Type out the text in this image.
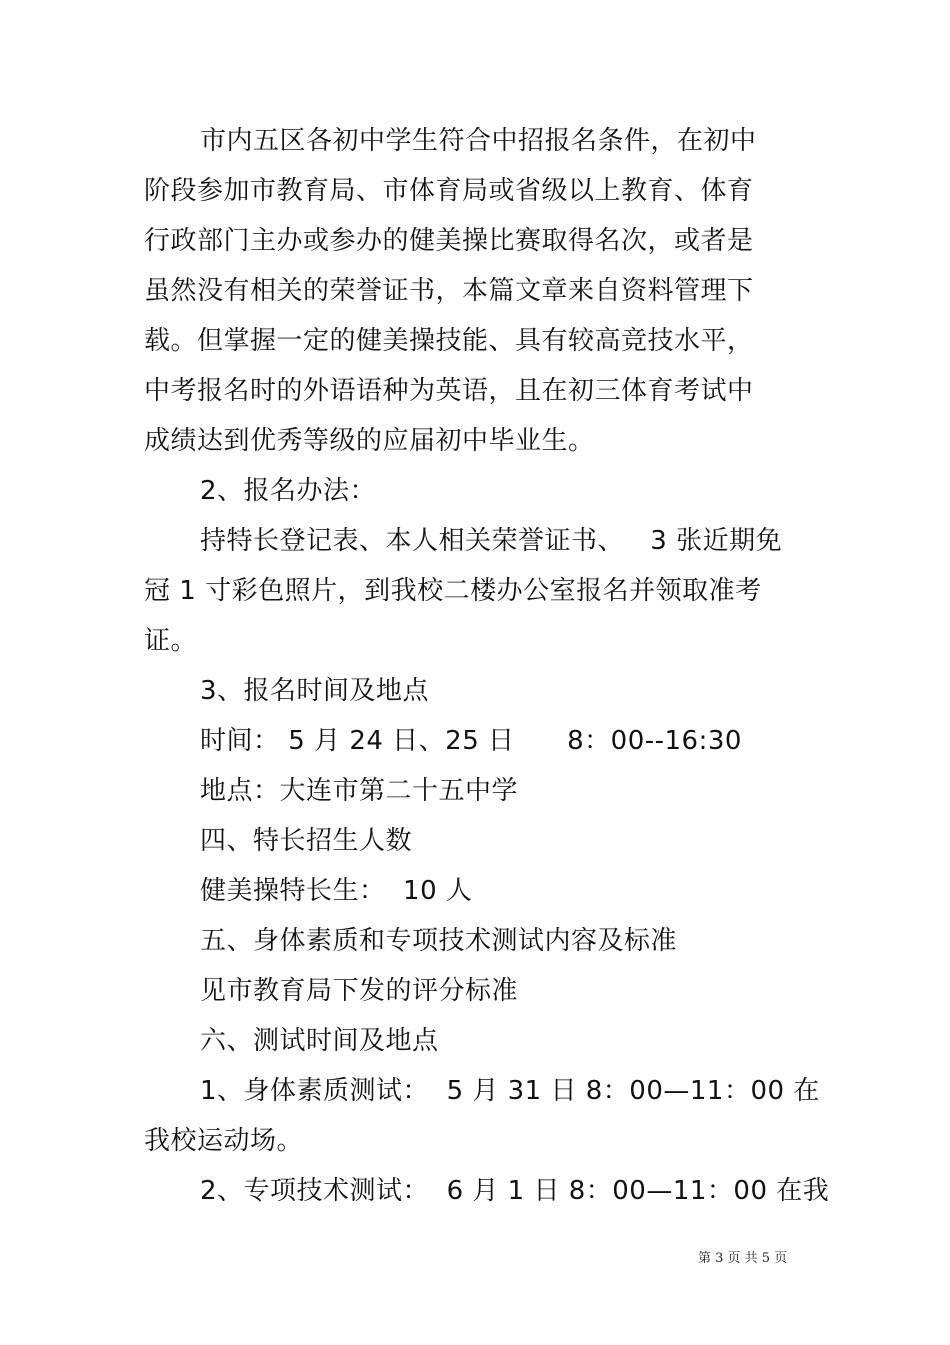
市内五区各初中学生符合中招报名条件，在初中
阶段参加市教育局、市体育局或省级以上教育、体育
行政部门主办或参办的健美操比赛取得名次，或者是
虽然没有相关的荣誉证书，本篇文章来自资料管理下
载。但掌握一定的健美操技能、具有较高竞技水平，
中考报名时的外语语种为英语，且在初三体育考试中
成绩达到优秀等级的应届初中毕业生。
2、报名办法：
持特长登记表、本人相关荣誉证书、   3 张近期免
冠 1 寸彩色照片，到我校二楼办公室报名并领取准考
证。
3、报名时间及地点
时间： 5 月 24 日、25 日      8：00--16:30
地点：大连市第二十五中学
四、特长招生人数
健美操特长生：  10 人
五、身体素质和专项技术测试内容及标准
见市教育局下发的评分标准
六、测试时间及地点
1、身体素质测试：  5 月 31 日 8：00—11：00 在
我校运动场。
2、专项技术测试：  6 月 1 日 8：00—11：00 在我
第 3 页 共 5 页
